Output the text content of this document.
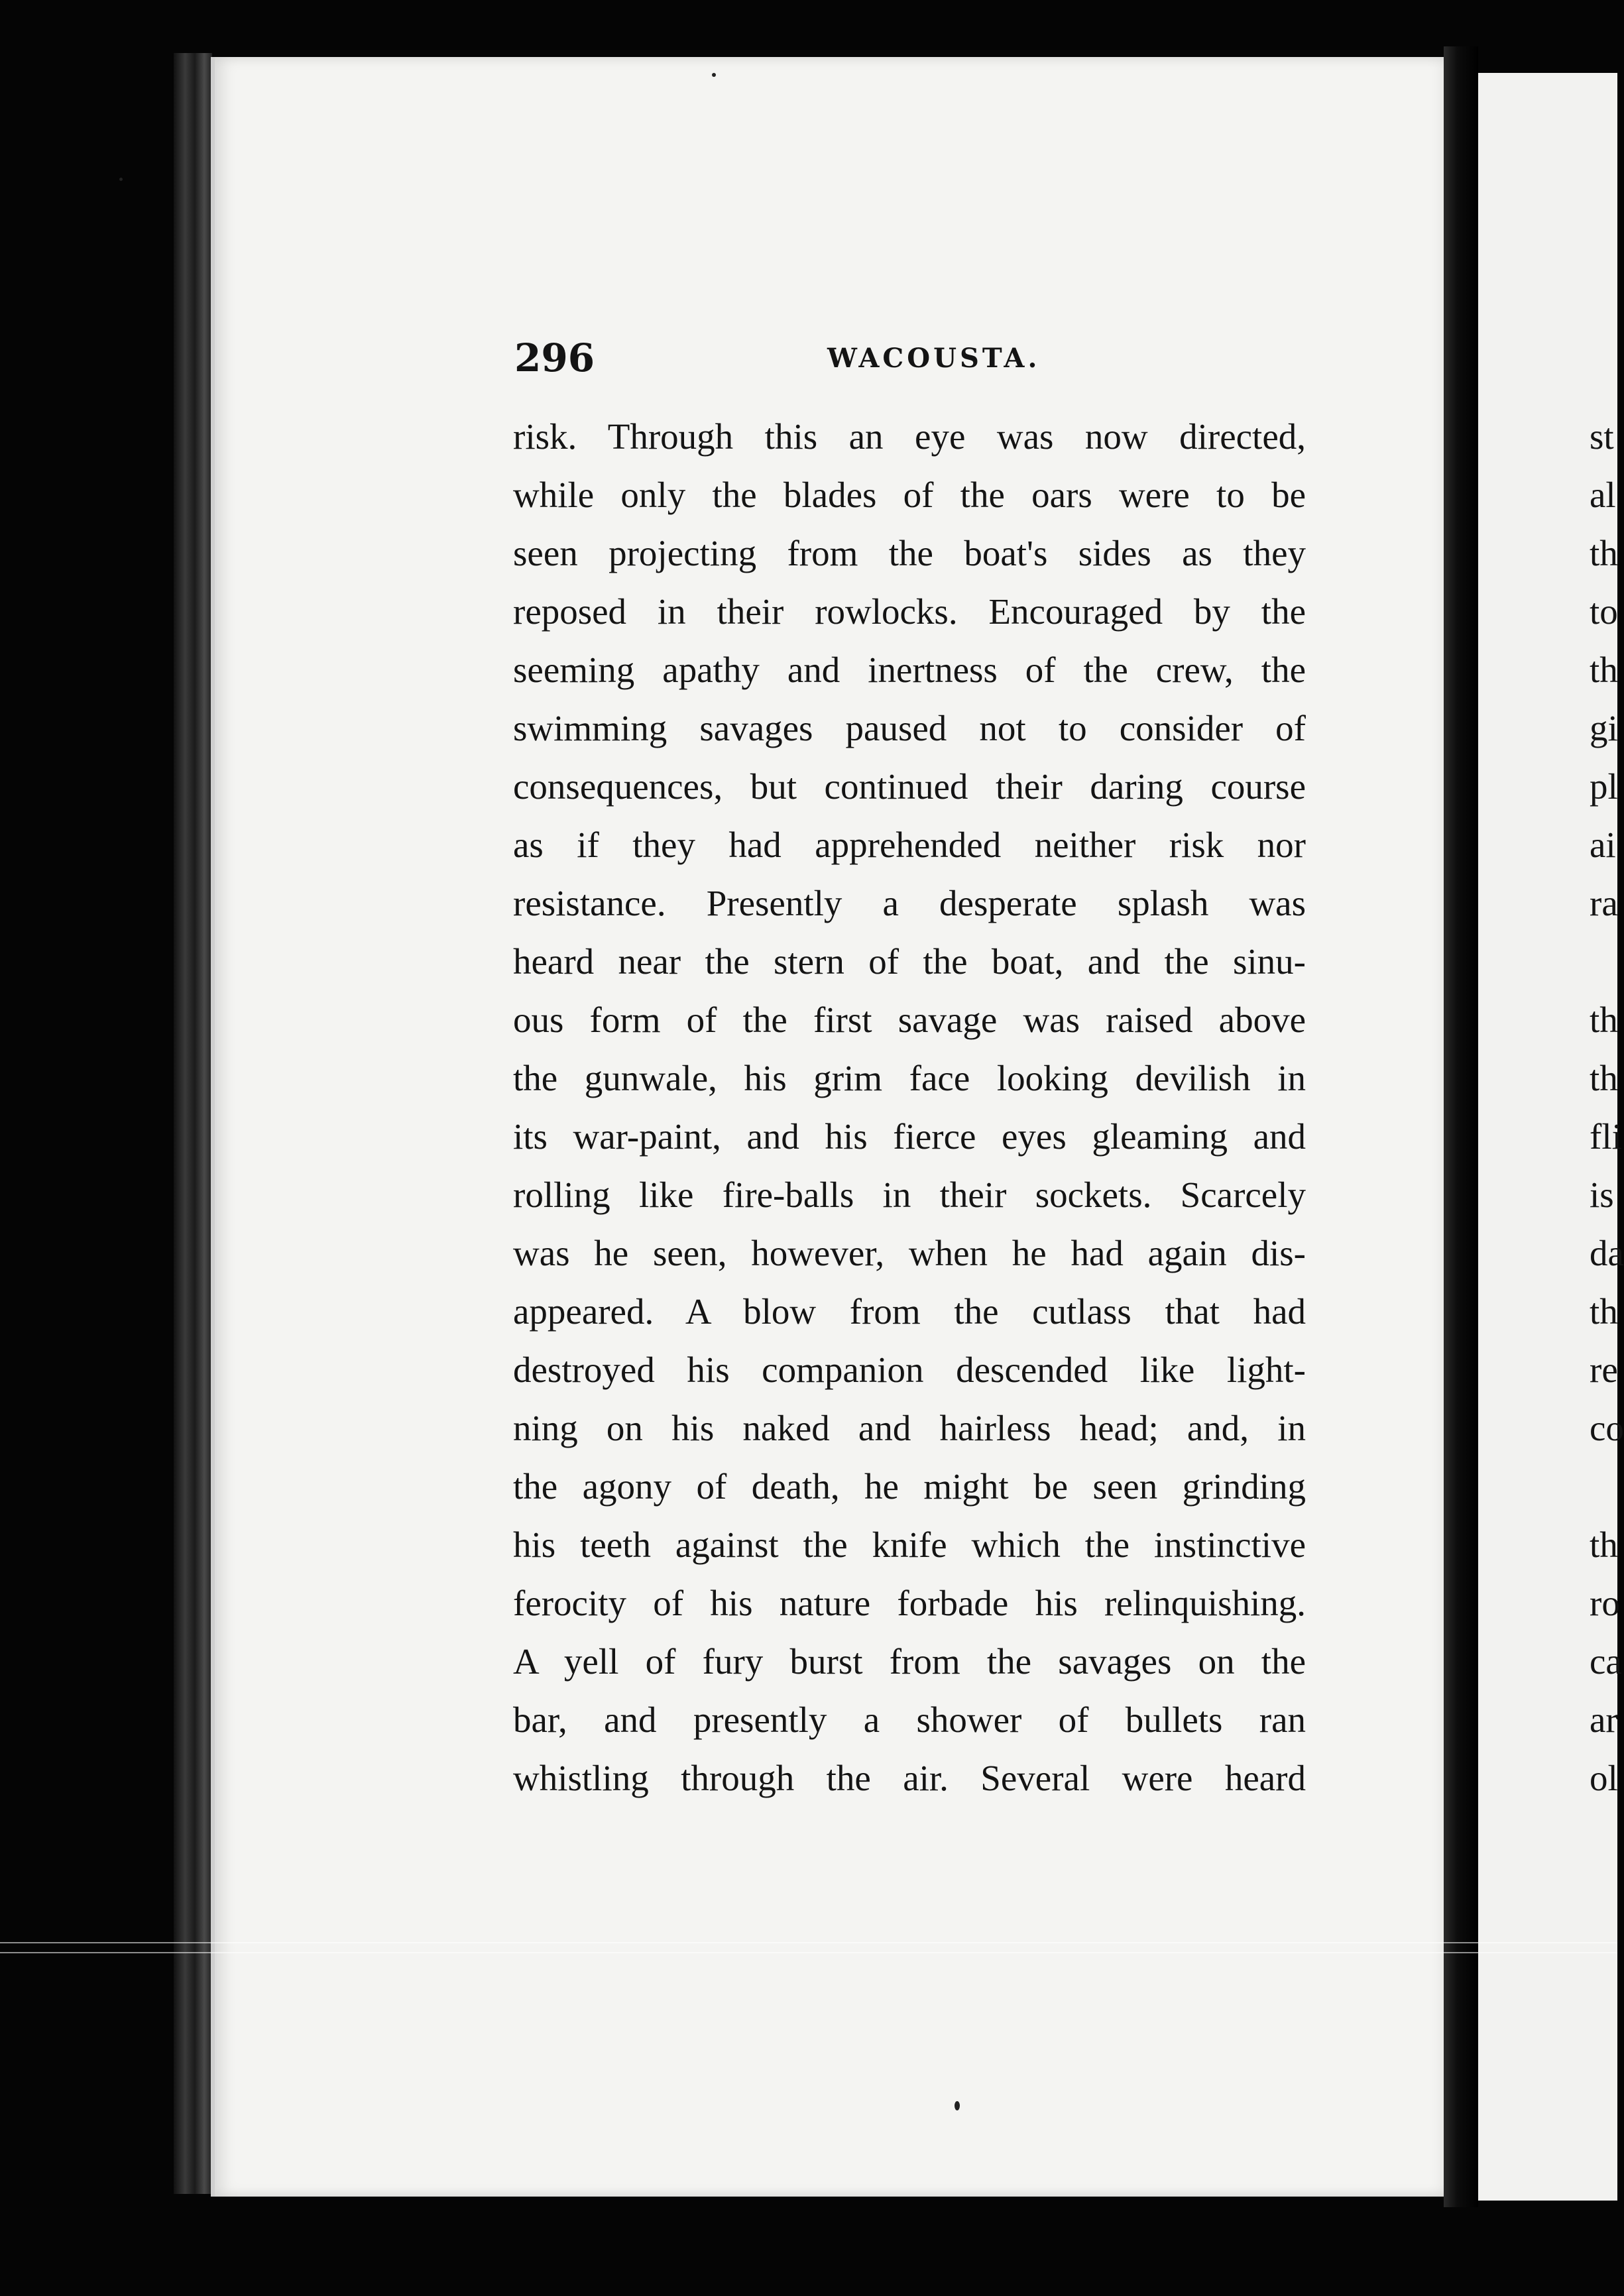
296	WACOUSTA.
risk. Through this an eye was now directed,
while only the blades of the oars were to be
seen projecting from the boat's sides as they
reposed in their rowlocks. Encouraged by the
seeming apathy and inertness of the crew, the
swimming savages paused not to consider of
consequences, but continued their daring course
as if they had apprehended neither risk nor
resistance. Presently a desperate splash was
heard near the stern of the boat, and the sinu-
ous form of the first savage was raised above
the gunwale, his grim face looking devilish in
its war-paint, and his fierce eyes gleaming and
rolling like fire-balls in their sockets. Scarcely
was he seen, however, when he had again dis-
appeared. A blow from the cutlass that had
destroyed his companion descended like light-
ning on his naked and hairless head; and, in
the agony of death, he might be seen grinding
his teeth against the knife which the instinctive
ferocity of his nature forbade his relinquishing.
A yell of fury burst from the savages on the
bar, and presently a shower of bullets ran
whistling through the air. Several were heard
st
al
th
to
th
gi
pl
ai
ra
th
th
fli
is
da
th
re
co
th
ro
ca
ar
ol
